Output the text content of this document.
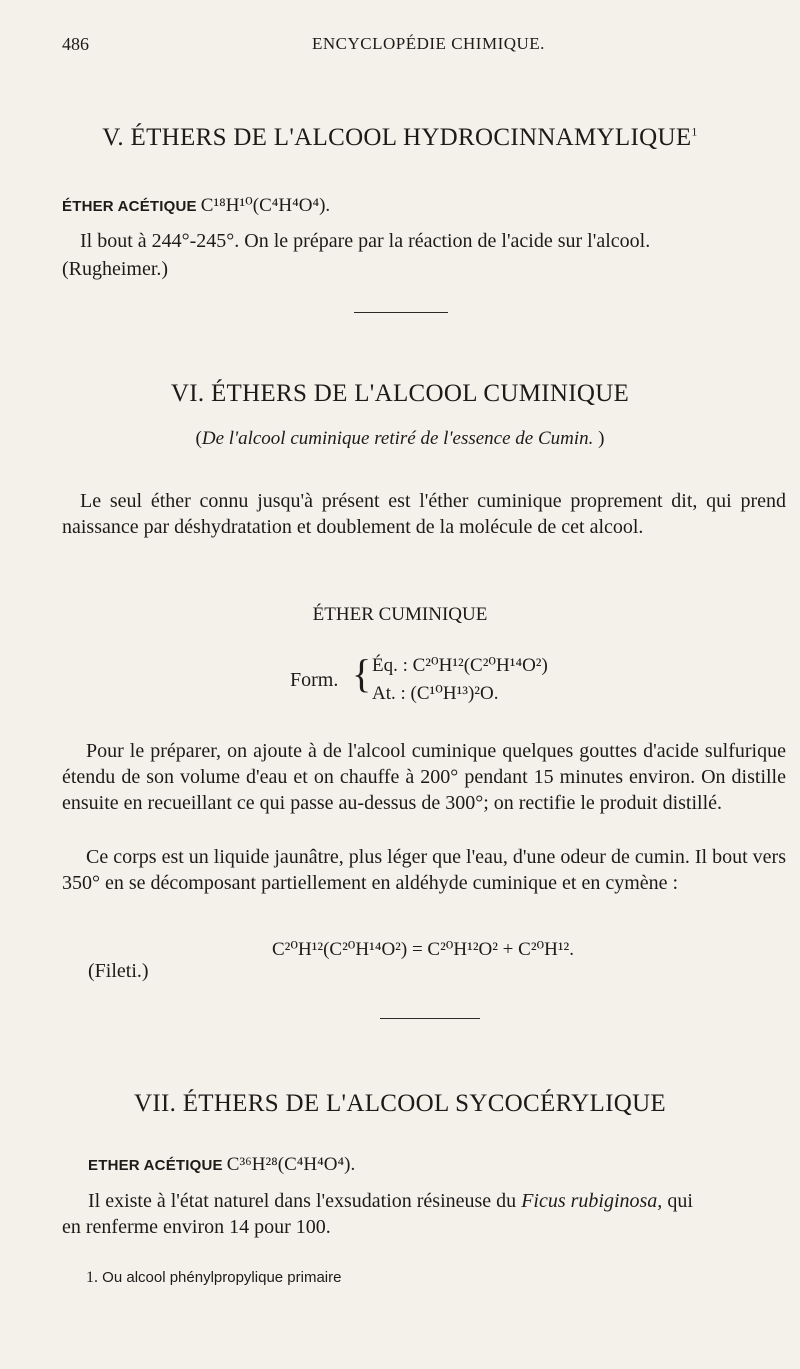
486	ENCYCLOPÉDIE CHIMIQUE.
V. ÉTHERS DE L'ALCOOL HYDROCINNAMYLIQUE$^1$
ÉTHER ACÉTIQUE C¹⁸H¹⁰(C⁴H⁴O⁴).
Il bout à 244°-245°. On le prépare par la réaction de l'acide sur l'alcool.
(Rugheimer.)
VI. ÉTHERS DE L'ALCOOL CUMINIQUE
(De l'alcool cuminique retiré de l'essence de Cumin. )
Le seul éther connu jusqu'à présent est l'éther cuminique proprement dit, qui prend naissance par déshydratation et doublement de la molécule de cet alcool.
ÉTHER CUMINIQUE
Form. { Éq. : C²⁰H¹²(C²⁰H¹⁴O²)
At. : (C¹⁰H¹³)²O.
Pour le préparer, on ajoute à de l'alcool cuminique quelques gouttes d'acide sulfurique étendu de son volume d'eau et on chauffe à 200° pendant 15 minutes environ. On distille ensuite en recueillant ce qui passe au-dessus de 300°; on rectifie le produit distillé.
Ce corps est un liquide jaunâtre, plus léger que l'eau, d'une odeur de cumin. Il bout vers 350° en se décomposant partiellement en aldéhyde cuminique et en cymène :
C²⁰H¹²(C²⁰H¹⁴O²) = C²⁰H¹²O² + C²⁰H¹².
(Fileti.)
VII. ÉTHERS DE L'ALCOOL SYCOCÉRYLIQUE
ETHER ACÉTIQUE C³⁶H²⁸(C⁴H⁴O⁴).
Il existe à l'état naturel dans l'exsudation résineuse du Ficus rubiginosa, qui
en renferme environ 14 pour 100.
1. Ou alcool phénylpropylique primaire
